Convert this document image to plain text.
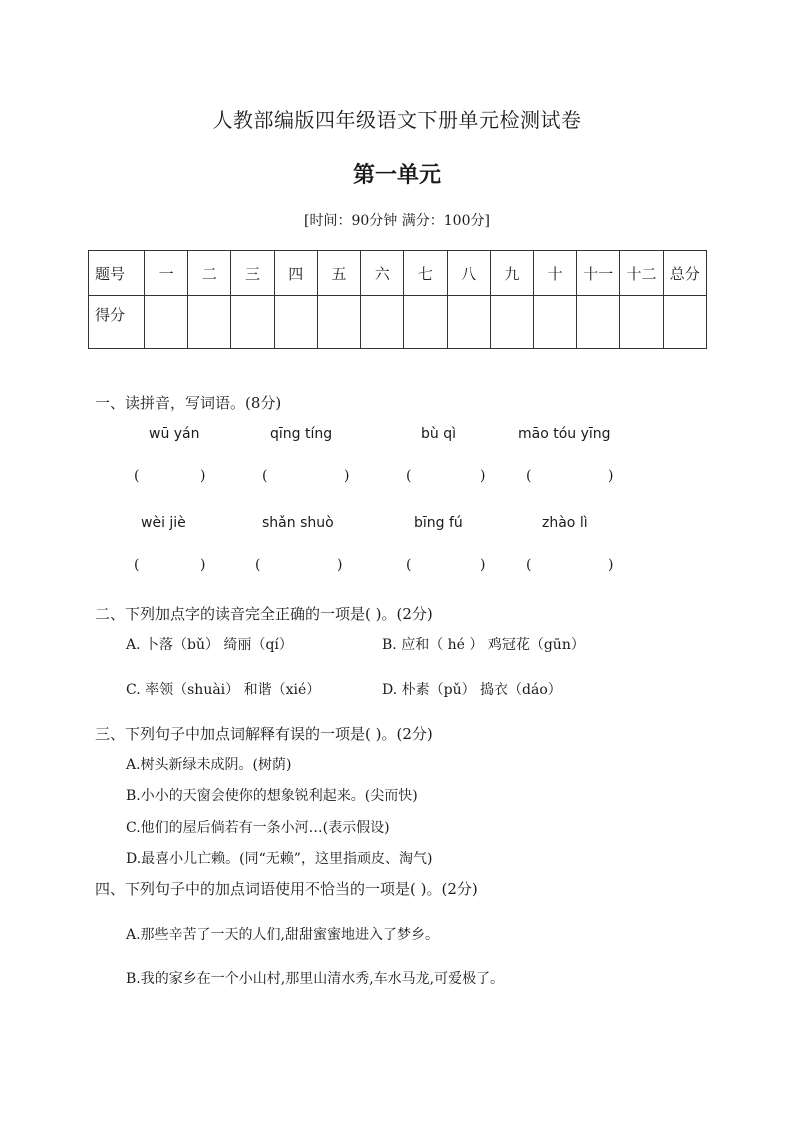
人教部编版四年级语文下册单元检测试卷
第一单元
[时间：90分钟 满分：100分]
题号	一	二	三	四	五	六	七	八	九	十	十一	十二	总分
得分													
一、读拼音，写词语。(8分)
wū yán	qīng tíng	bù qì	māo tóu yīng
(	)	(	)	(	)	(	)
wèi jiè	shǎn shuò	bīng fú	zhào lì
(	)	(	)	(	)	(	)
二、下列加点字的读音完全正确的一项是( )。(2分)
A. 卜落（bǔ） 绮丽（qí）	B. 应和（ hé ） 鸡冠花（gūn）
C. 率领（shuài） 和谐（xié）	D. 朴素（pǔ） 捣衣（dáo）
三、下列句子中加点词解释有误的一项是( )。(2分)
A.树头新绿未成阴。(树荫)
B.小小的天窗会使你的想象锐利起来。(尖而快)
C.他们的屋后倘若有一条小河…(表示假设)
D.最喜小儿亡赖。(同“无赖”，这里指顽皮、淘气)
四、下列句子中的加点词语使用不恰当的一项是( )。(2分)
A.那些辛苦了一天的人们,甜甜蜜蜜地进入了梦乡。
B.我的家乡在一个小山村,那里山清水秀,车水马龙,可爱极了。
